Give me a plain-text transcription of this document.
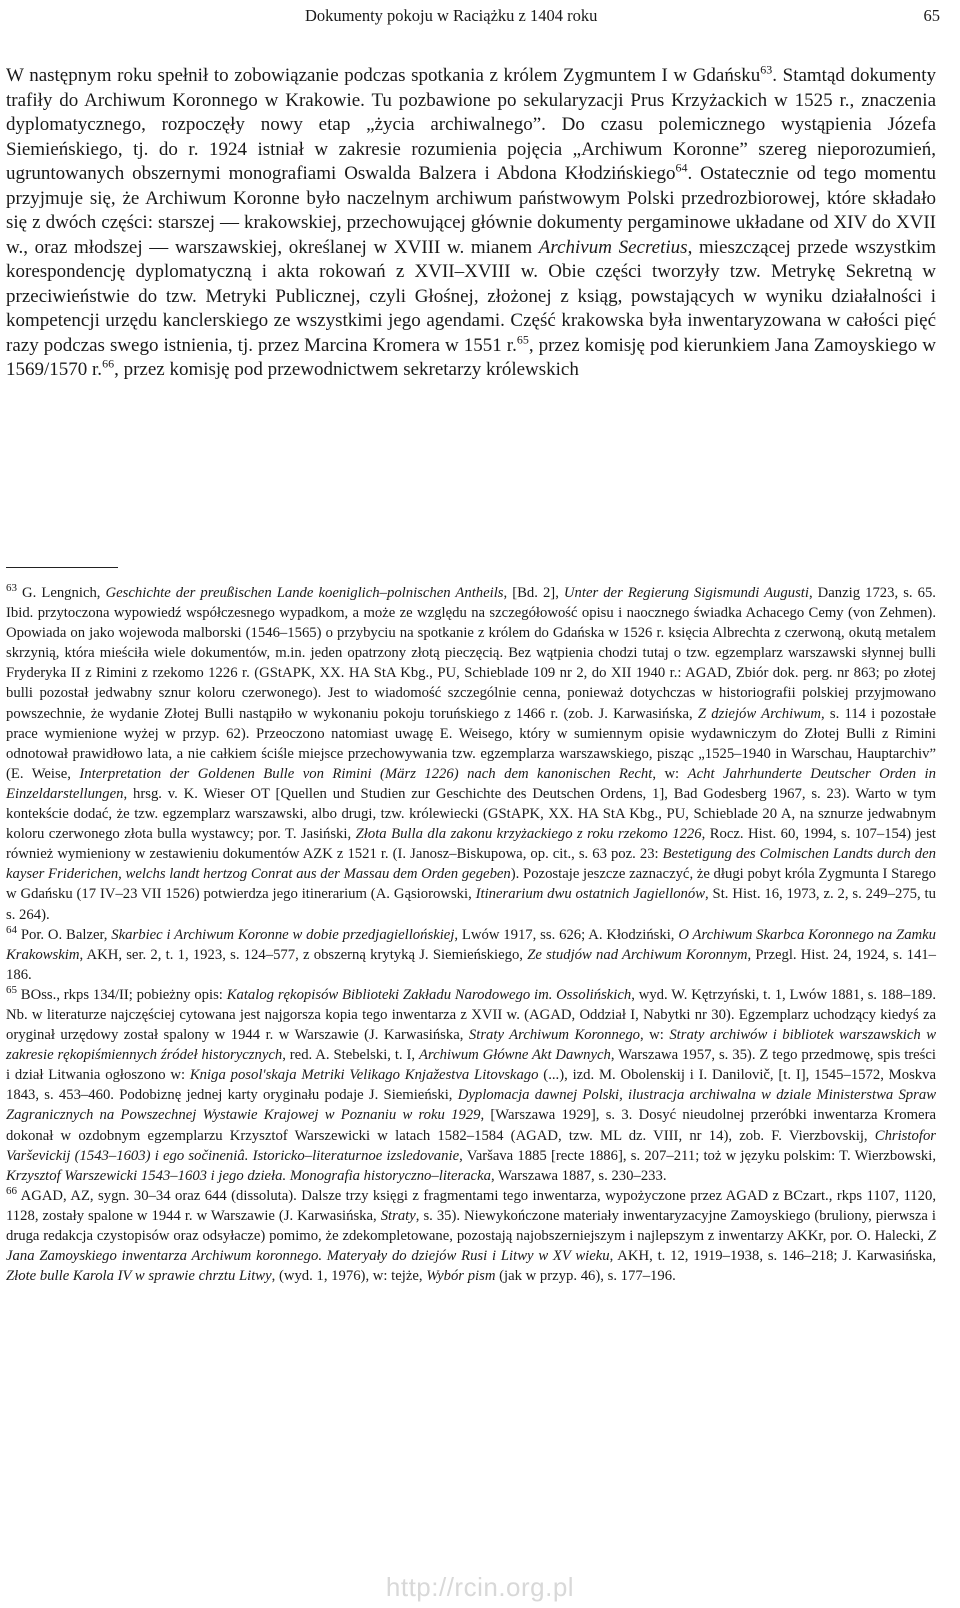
Dokumenty pokoju w Raciążku z 1404 roku	65

W następnym roku spełnił to zobowiązanie podczas spotkania z królem Zygmuntem I w Gdańsku$^{63}$. Stamtąd dokumenty trafiły do Archiwum Koronnego w Krakowie. Tu pozbawione po sekularyzacji Prus Krzyżackich w 1525 r., znaczenia dyplomatycznego, rozpoczęły nowy etap „życia archiwalnego”. Do czasu polemicznego wystąpienia Józefa Siemieńskiego, tj. do r. 1924 istniał w zakresie rozumienia pojęcia „Archiwum Koronne” szereg nieporozumień, ugruntowanych obszernymi monografiami Oswalda Balzera i Abdona Kłodzińskiego$^{64}$. Ostatecznie od tego momentu przyjmuje się, że Archiwum Koronne było naczelnym archiwum państwowym Polski przedrozbiorowej, które składało się z dwóch części: starszej — krakowskiej, przechowującej głównie dokumenty pergaminowe układane od XIV do XVII w., oraz młodszej — warszawskiej, określanej w XVIII w. mianem Archivum Secretius, mieszczącej przede wszystkim korespondencję dyplomatyczną i akta rokowań z XVII–XVIII w. Obie części tworzyły tzw. Metrykę Sekretną w przeciwieństwie do tzw. Metryki Publicznej, czyli Głośnej, złożonej z ksiąg, powstających w wyniku działalności i kompetencji urzędu kanclerskiego ze wszystkimi jego agendami. Część krakowska była inwentaryzowana w całości pięć razy podczas swego istnienia, tj. przez Marcina Kromera w 1551 r.$^{65}$, przez komisję pod kierunkiem Jana Zamoyskiego w 1569/1570 r.$^{66}$, przez komisję pod przewodnictwem sekretarzy królewskich

$^{63}$ G. Lengnich, Geschichte der preußischen Lande koeniglich–polnischen Antheils, [Bd. 2], Unter der Regierung Sigismundi Augusti, Danzig 1723, s. 65. Ibid. przytoczona wypowiedź współczesnego wypadkom, a może ze względu na szczegółowość opisu i naocznego świadka Achacego Cemy (von Zehmen). Opowiada on jako wojewoda malborski (1546–1565) o przybyciu na spotkanie z królem do Gdańska w 1526 r. księcia Albrechta z czerwoną, okutą metalem skrzynią, która mieściła wiele dokumentów, m.in. jeden opatrzony złotą pieczęcią. Bez wątpienia chodzi tutaj o tzw. egzemplarz warszawski słynnej bulli Fryderyka II z Rimini z rzekomo 1226 r. (GStAPK, XX. HA StA Kbg., PU, Schieblade 109 nr 2, do XII 1940 r.: AGAD, Zbiór dok. perg. nr 863; po złotej bulli pozostał jedwabny sznur koloru czerwonego). Jest to wiadomość szczególnie cenna, ponieważ dotychczas w historiografii polskiej przyjmowano powszechnie, że wydanie Złotej Bulli nastąpiło w wykonaniu pokoju toruńskiego z 1466 r. (zob. J. Karwasińska, Z dziejów Archiwum, s. 114 i pozostałe prace wymienione wyżej w przyp. 62). Przeoczono natomiast uwagę E. Weisego, który w sumiennym opisie wydawniczym do Złotej Bulli z Rimini odnotował prawidłowo lata, a nie całkiem ściśle miejsce przechowywania tzw. egzemplarza warszawskiego, pisząc „1525–1940 in Warschau, Hauptarchiv” (E. Weise, Interpretation der Goldenen Bulle von Rimini (März 1226) nach dem kanonischen Recht, w: Acht Jahrhunderte Deutscher Orden in Einzeldarstellungen, hrsg. v. K. Wieser OT [Quellen und Studien zur Geschichte des Deutschen Ordens, 1], Bad Godesberg 1967, s. 23). Warto w tym kontekście dodać, że tzw. egzemplarz warszawski, albo drugi, tzw. królewiecki (GStAPK, XX. HA StA Kbg., PU, Schieblade 20 A, na sznurze jedwabnym koloru czerwonego złota bulla wystawcy; por. T. Jasiński, Złota Bulla dla zakonu krzyżackiego z roku rzekomo 1226, Rocz. Hist. 60, 1994, s. 107–154) jest również wymieniony w zestawieniu dokumentów AZK z 1521 r. (I. Janosz–Biskupowa, op. cit., s. 63 poz. 23: Bestetigung des Colmischen Landts durch den kayser Friderichen, welchs landt hertzog Conrat aus der Massau dem Orden gegeben). Pozostaje jeszcze zaznaczyć, że długi pobyt króla Zygmunta I Starego w Gdańsku (17 IV–23 VII 1526) potwierdza jego itinerarium (A. Gąsiorowski, Itinerarium dwu ostatnich Jagiellonów, St. Hist. 16, 1973, z. 2, s. 249–275, tu s. 264).

$^{64}$ Por. O. Balzer, Skarbiec i Archiwum Koronne w dobie przedjagiellońskiej, Lwów 1917, ss. 626; A. Kłodziński, O Archiwum Skarbca Koronnego na Zamku Krakowskim, AKH, ser. 2, t. 1, 1923, s. 124–577, z obszerną krytyką J. Siemieńskiego, Ze studjów nad Archiwum Koronnym, Przegl. Hist. 24, 1924, s. 141–186.

$^{65}$ BOss., rkps 134/II; pobieżny opis: Katalog rękopisów Biblioteki Zakładu Narodowego im. Ossolińskich, wyd. W. Kętrzyński, t. 1, Lwów 1881, s. 188–189. Nb. w literaturze najczęściej cytowana jest najgorsza kopia tego inwentarza z XVII w. (AGAD, Oddział I, Nabytki nr 30). Egzemplarz uchodzący kiedyś za oryginał urzędowy został spalony w 1944 r. w Warszawie (J. Karwasińska, Straty Archiwum Koronnego, w: Straty archiwów i bibliotek warszawskich w zakresie rękopiśmiennych źródeł historycznych, red. A. Stebelski, t. I, Archiwum Główne Akt Dawnych, Warszawa 1957, s. 35). Z tego przedmowę, spis treści i dział Litwania ogłoszono w: Kniga posol'skaja Metriki Velikago Knjažestva Litovskago (...), izd. M. Obolenskij i I. Danilovič, [t. I], 1545–1572, Moskva 1843, s. 453–460. Podobiznę jednej karty oryginału podaje J. Siemieński, Dyplomacja dawnej Polski, ilustracja archiwalna w dziale Ministerstwa Spraw Zagranicznych na Powszechnej Wystawie Krajowej w Poznaniu w roku 1929, [Warszawa 1929], s. 3. Dosyć nieudolnej przeróbki inwentarza Kromera dokonał w ozdobnym egzemplarzu Krzysztof Warszewicki w latach 1582–1584 (AGAD, tzw. ML dz. VIII, nr 14), zob. F. Vierzbovskij, Christofor Varševickij (1543–1603) i ego sočineniâ. Istoricko–literaturnoe izsledovanie, Varšava 1885 [recte 1886], s. 207–211; toż w języku polskim: T. Wierzbowski, Krzysztof Warszewicki 1543–1603 i jego dzieła. Monografia historyczno–literacka, Warszawa 1887, s. 230–233.

$^{66}$ AGAD, AZ, sygn. 30–34 oraz 644 (dissoluta). Dalsze trzy księgi z fragmentami tego inwentarza, wypożyczone przez AGAD z BCzart., rkps 1107, 1120, 1128, zostały spalone w 1944 r. w Warszawie (J. Karwasińska, Straty, s. 35). Niewykończone materiały inwentaryzacyjne Zamoyskiego (bruliony, pierwsza i druga redakcja czystopisów oraz odsyłacze) pomimo, że zdekompletowane, pozostają najobszerniejszym i najlepszym z inwentarzy AKKr, por. O. Halecki, Z Jana Zamoyskiego inwentarza Archiwum koronnego. Materyały do dziejów Rusi i Litwy w XV wieku, AKH, t. 12, 1919–1938, s. 146–218; J. Karwasińska, Złote bulle Karola IV w sprawie chrztu Litwy, (wyd. 1, 1976), w: tejże, Wybór pism (jak w przyp. 46), s. 177–196.

http://rcin.org.pl
